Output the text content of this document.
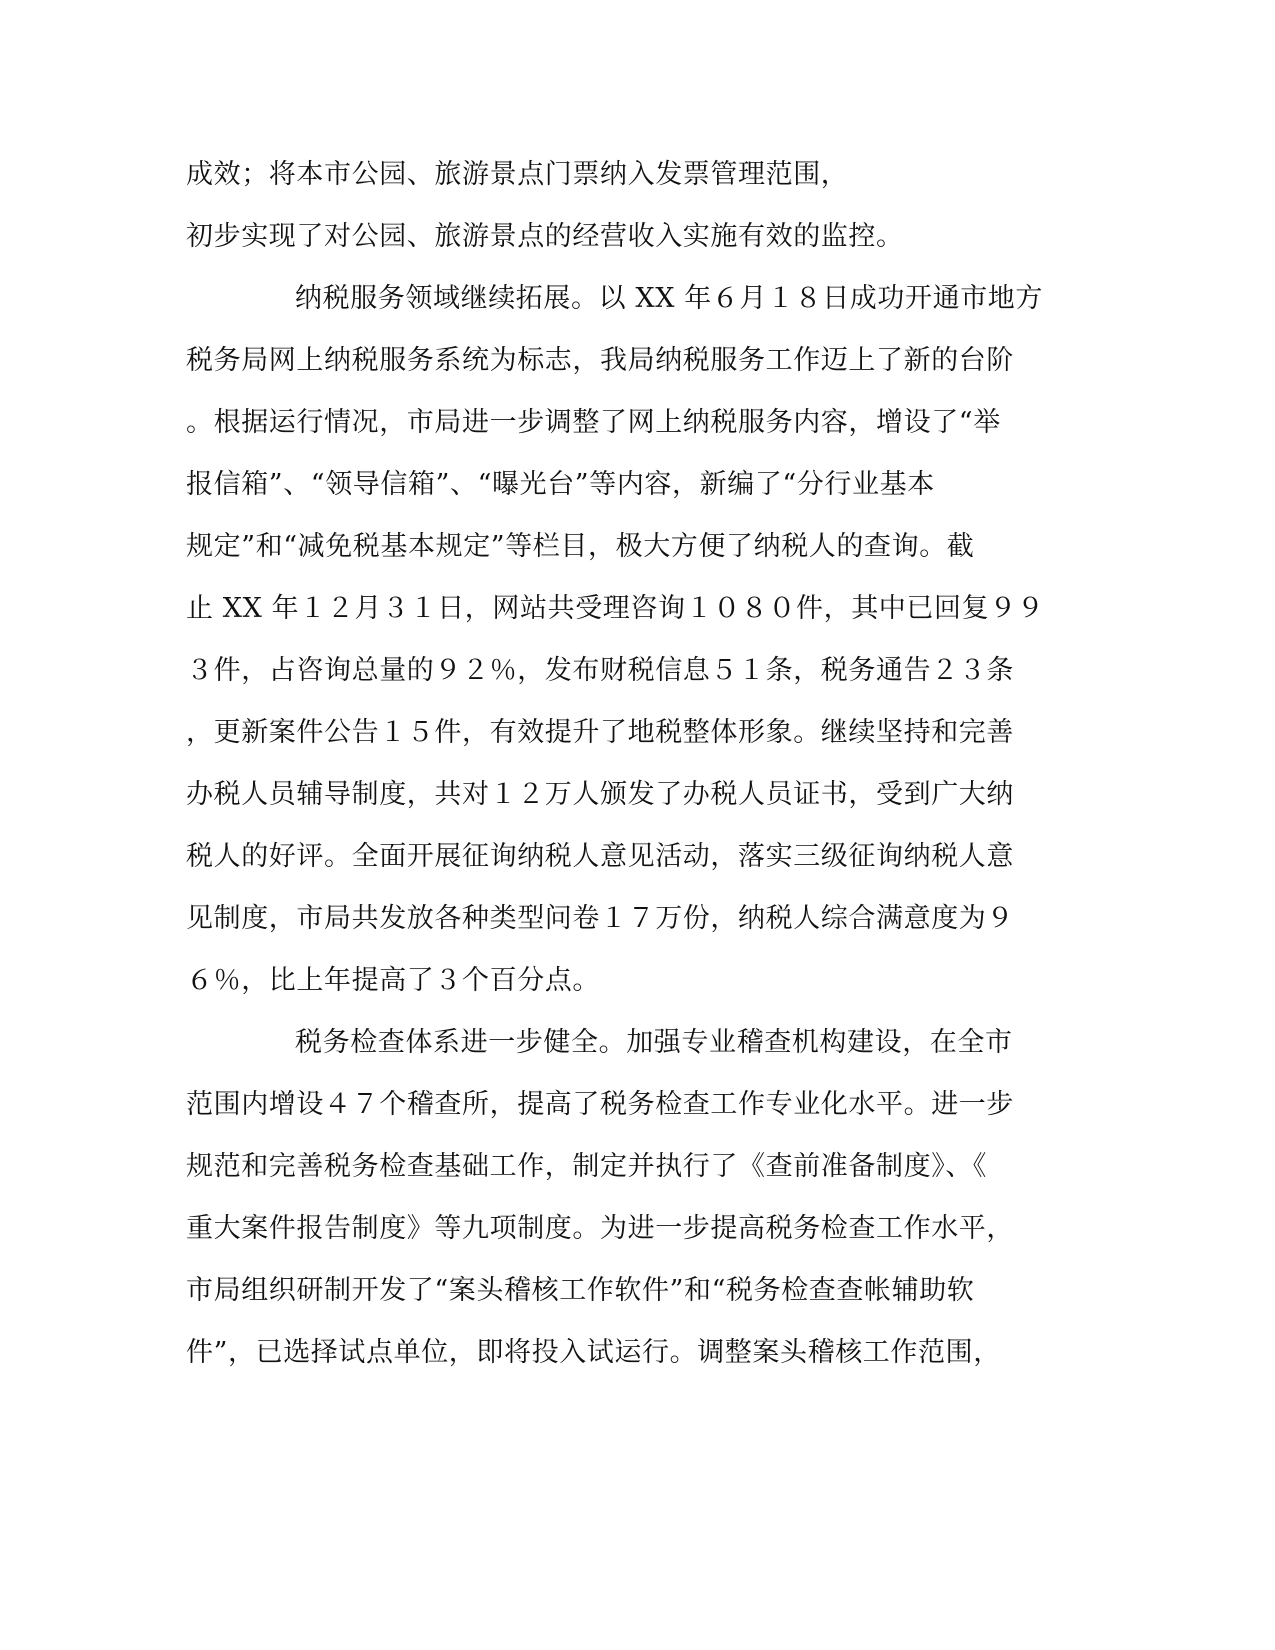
成效；将本市公园、旅游景点门票纳入发票管理范围，
初步实现了对公园、旅游景点的经营收入实施有效的监控。
纳税服务领域继续拓展。以 XX 年６月１８日成功开通市地方
税务局网上纳税服务系统为标志，我局纳税服务工作迈上了新的台阶
。根据运行情况，市局进一步调整了网上纳税服务内容，增设了“举
报信箱”、“领导信箱”、“曝光台”等内容，新编了“分行业基本
规定”和“减免税基本规定”等栏目，极大方便了纳税人的查询。截
止 XX 年１２月３１日，网站共受理咨询１０８０件，其中已回复９９
３件，占咨询总量的９２％，发布财税信息５１条，税务通告２３条
，更新案件公告１５件，有效提升了地税整体形象。继续坚持和完善
办税人员辅导制度，共对１２万人颁发了办税人员证书，受到广大纳
税人的好评。全面开展征询纳税人意见活动，落实三级征询纳税人意
见制度，市局共发放各种类型问卷１７万份，纳税人综合满意度为９
６％，比上年提高了３个百分点。
税务检查体系进一步健全。加强专业稽查机构建设，在全市
范围内增设４７个稽查所，提高了税务检查工作专业化水平。进一步
规范和完善税务检查基础工作，制定并执行了《查前准备制度》、《
重大案件报告制度》等九项制度。为进一步提高税务检查工作水平，
市局组织研制开发了“案头稽核工作软件”和“税务检查查帐辅助软
件”，已选择试点单位，即将投入试运行。调整案头稽核工作范围，
